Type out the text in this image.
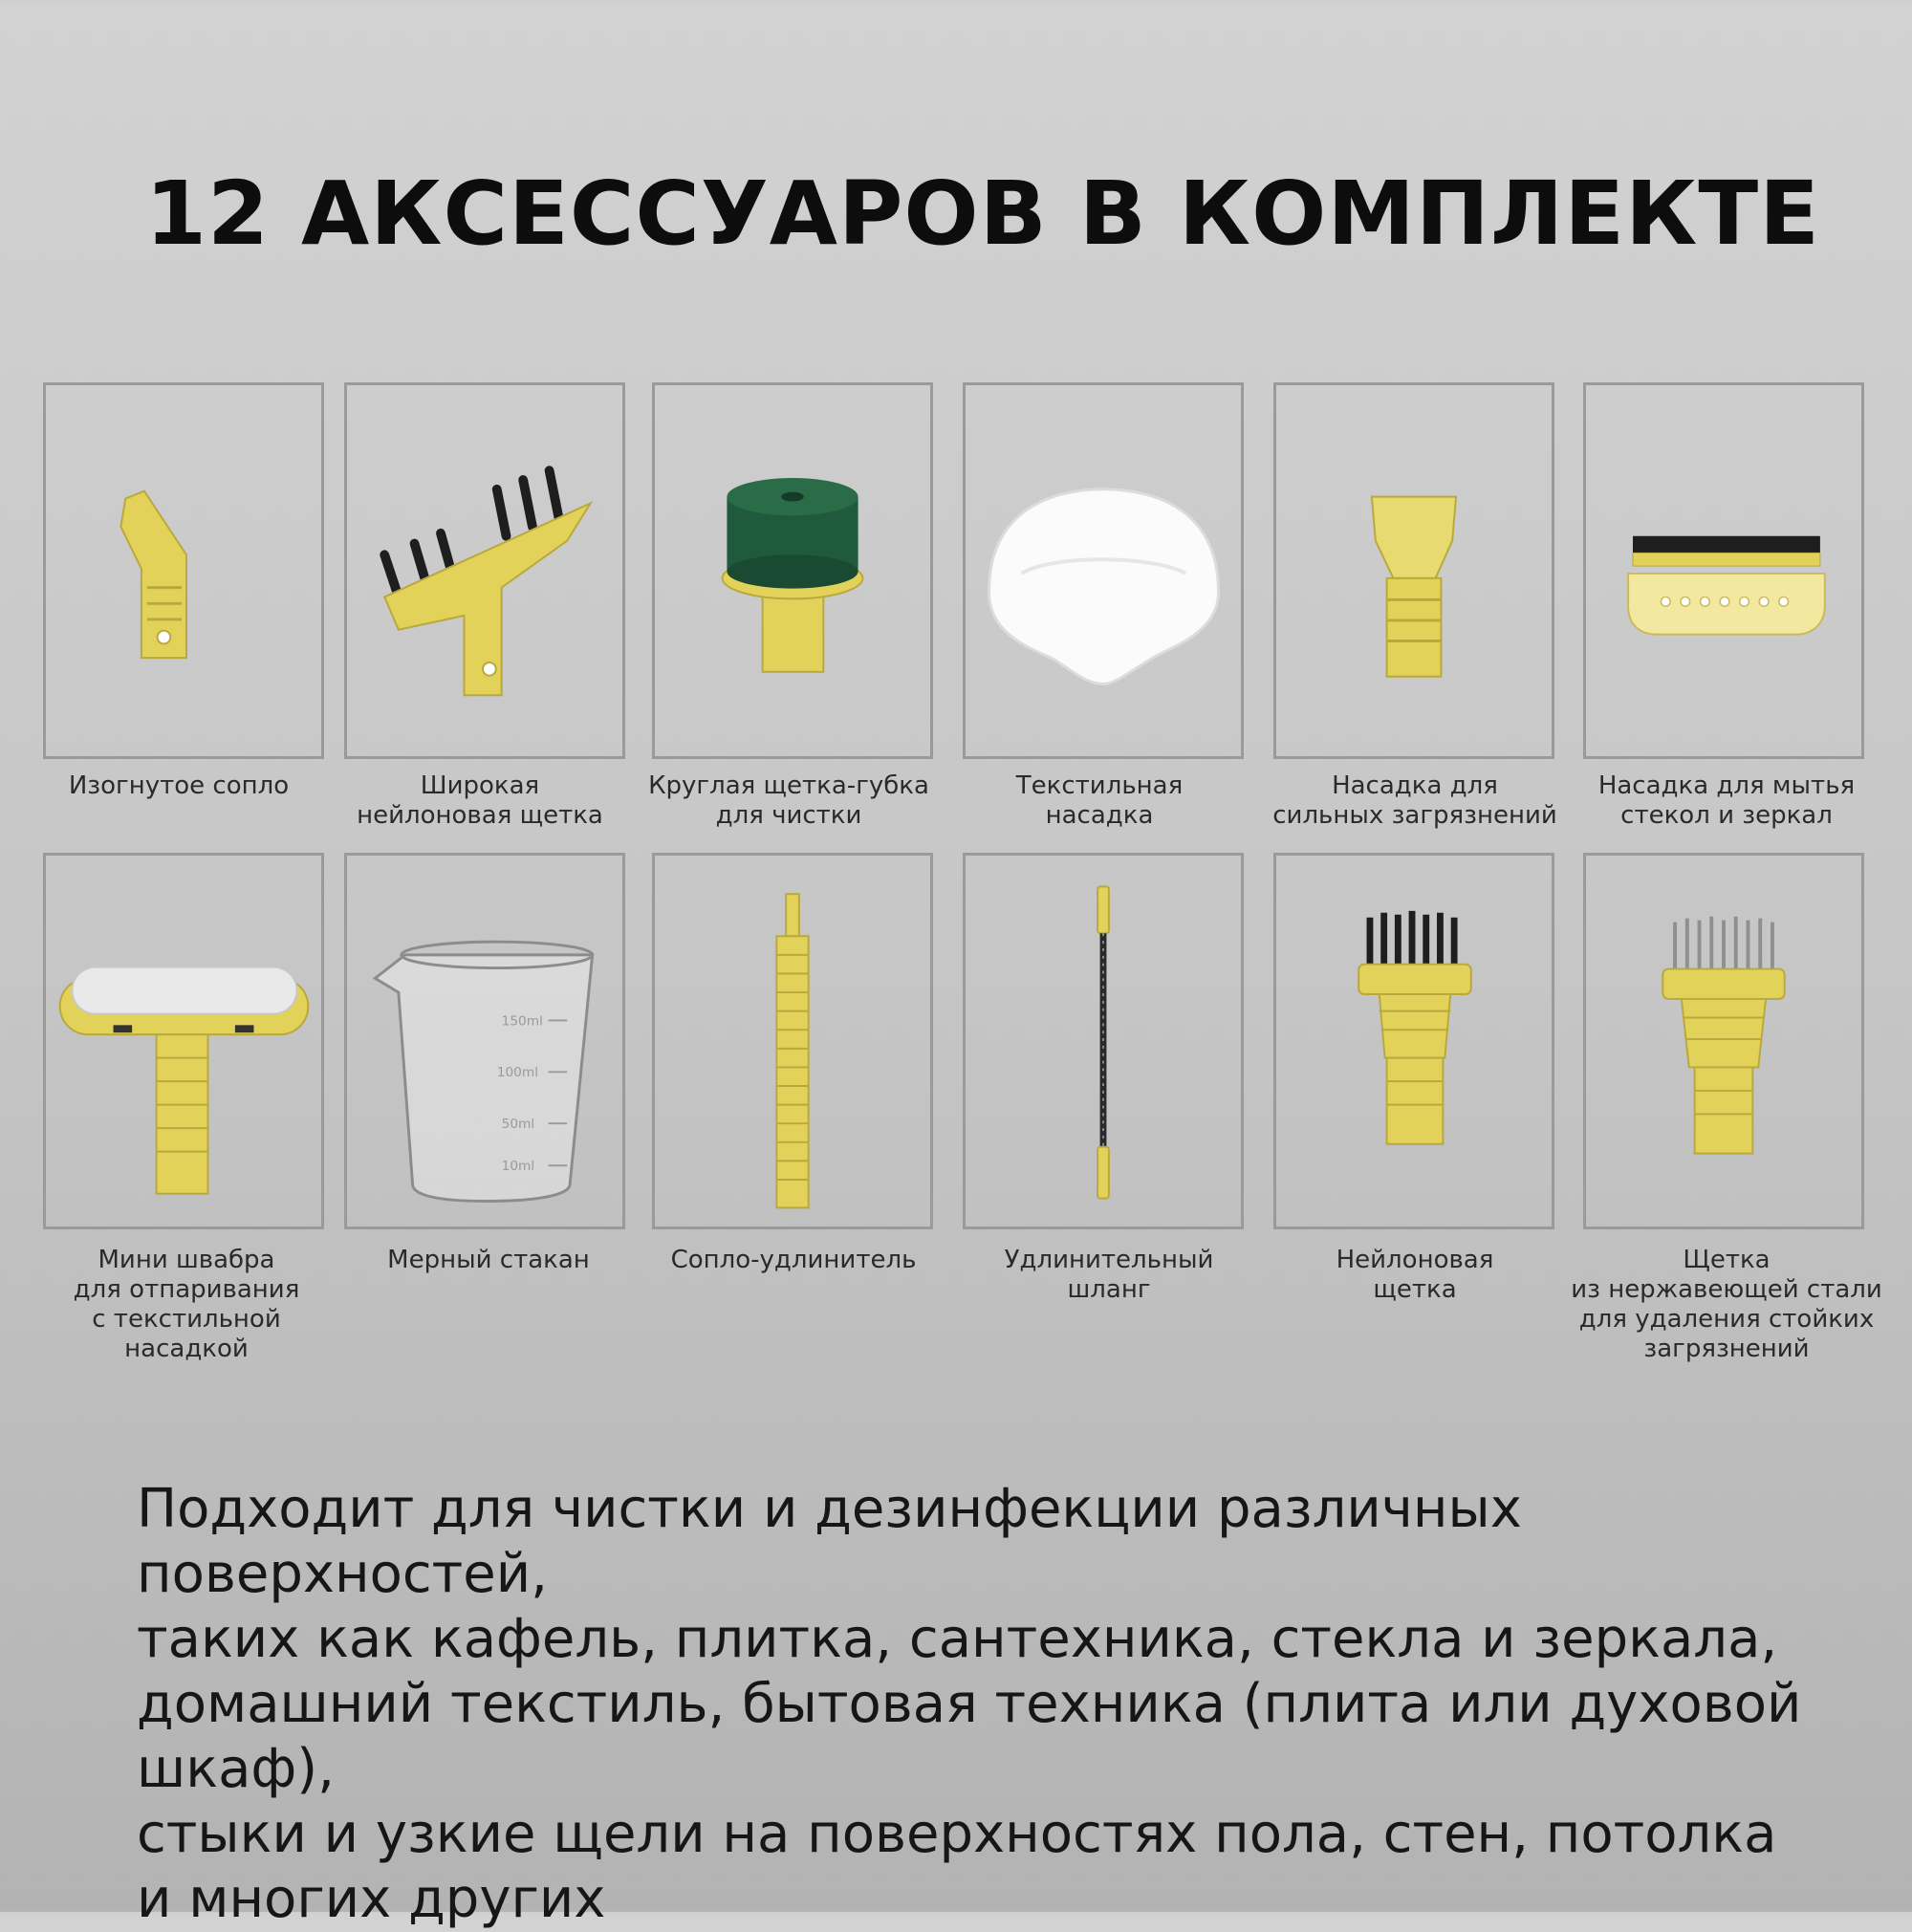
12 АКСЕССУАРОВ В КОМПЛЕКТЕ
Изогнутое сопло	Широкая
нейлоновая щетка
Круглая щетка-губка
для чистки
Текстильная
насадка
Насадка для
сильных загрязнений
Насадка для мытья
стекол и зеркал
150ml
100ml
50ml
10ml
Мини швабра
для отпаривания
с текстильной насадкой
Мерный стакан	Сопло-удлинитель	Удлинительный
шланг
Нейлоновая
щетка
Щетка
из нержавеющей стали
для удаления стойких
загрязнений

Подходит для чистки и дезинфекции различных поверхностей,
таких как кафель, плитка, сантехника, стекла и зеркала,
домашний текстиль, бытовая техника (плита или духовой шкаф),
стыки и узкие щели на поверхностях пола, стен, потолка
и многих других
